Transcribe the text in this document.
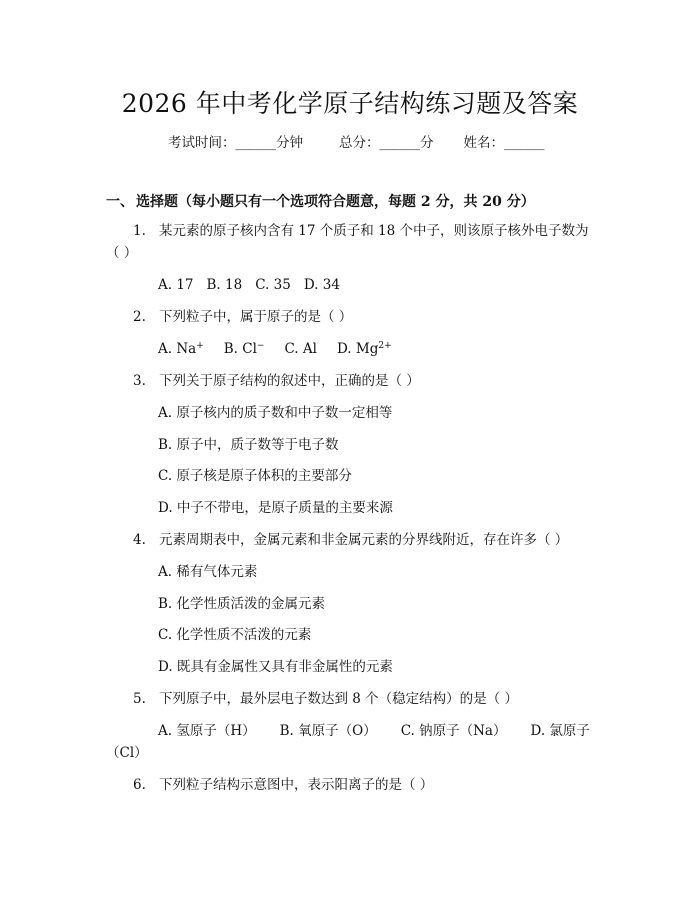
2026 年中考化学原子结构练习题及答案
考试时间：______分钟	总分：______分 姓名：______
一、 选择题（每小题只有一个选项符合题意，每题 2 分，共 20 分）
1. 某元素的原子核内含有 17 个质子和 18 个中子，则该原子核外电子数为
（ ）
A. 17 B. 18 C. 35 D. 34
2. 下列粒子中，属于原子的是（ ）
A. Na+ B. Cl− C. Al D. $Mg^{2+}$
3. 下列关于原子结构的叙述中，正确的是（ ）
A. 原子核内的质子数和中子数一定相等
B. 原子中，质子数等于电子数
C. 原子核是原子体积的主要部分
D. 中子不带电，是原子质量的主要来源
4. 元素周期表中，金属元素和非金属元素的分界线附近，存在许多（ ）
A. 稀有气体元素
B. 化学性质活泼的金属元素
C. 化学性质不活泼的元素
D. 既具有金属性又具有非金属性的元素
5. 下列原子中，最外层电子数达到 8 个（稳定结构）的是（ ）
A. 氢原子（H） B. 氧原子（O） C. 钠原子（Na） D. 氯原子
（Cl）
6. 下列粒子结构示意图中，表示阳离子的是（ ）
